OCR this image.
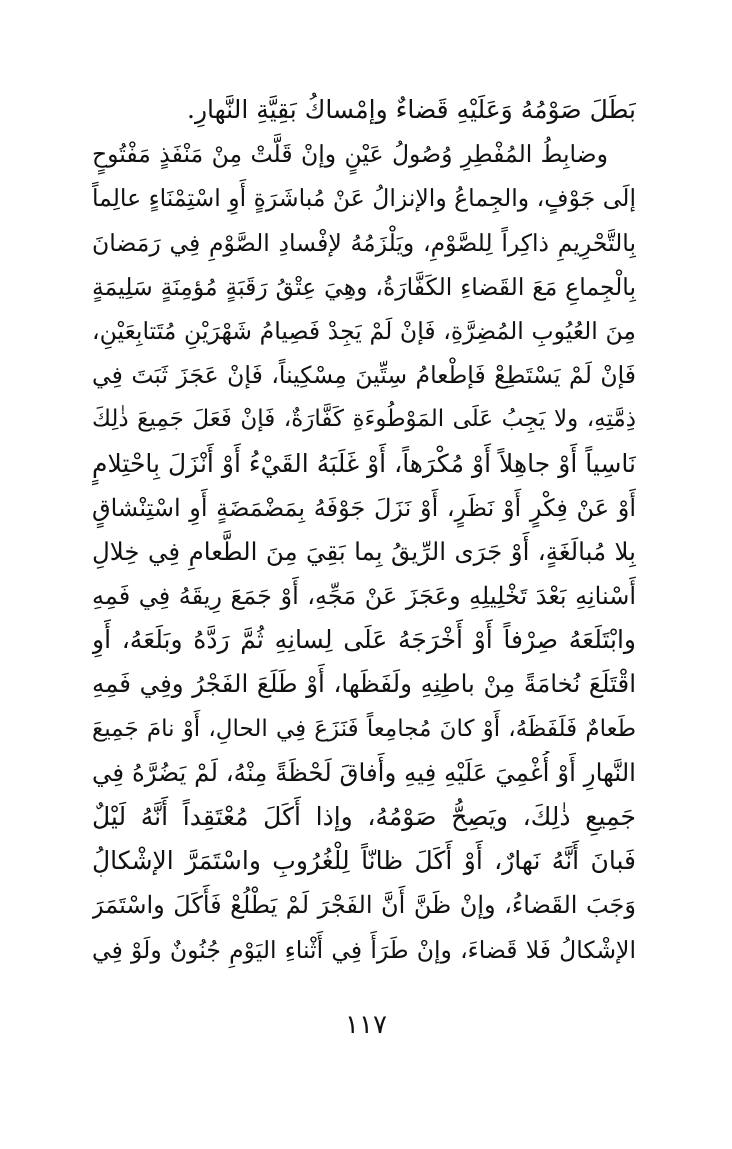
بَطَلَ صَوْمُهُ وَعَلَيْهِ قَضاءٌ وإمْساكُ بَقِيَّةِ النَّهارِ.
وضابِطُ المُفْطِرِ وُصُولُ عَيْنٍ وإنْ قَلَّتْ مِنْ مَنْفَذٍ مَفْتُوحٍ
إلَى جَوْفٍ، والجِماعُ والإنزالُ عَنْ مُباشَرَةٍ أَوِ اسْتِمْنَاءٍ عالِماً
بِالتَّحْرِيمِ ذاكِراً لِلصَّوْمِ، ويَلْزَمُهُ لإفْسادِ الصَّوْمِ فِي رَمَضانَ
بِالْجِماعِ مَعَ القَضاءِ الكَفَّارَةُ، وهِيَ عِتْقُ رَقَبَةٍ مُؤمِنَةٍ سَلِيمَةٍ
مِنَ العُيُوبِ المُضِرَّةِ، فَإنْ لَمْ يَجِدْ فَصِيامُ شَهْرَيْنِ مُتَتابِعَيْنِ،
فَإنْ لَمْ يَسْتَطِعْ فَإطْعامُ سِتِّينَ مِسْكِيناً، فَإنْ عَجَزَ ثَبَتَ فِي
ذِمَّتِهِ، ولا يَجِبُ عَلَى المَوْطُوءَةِ كَفَّارَةٌ، فَإنْ فَعَلَ جَمِيعَ ذٰلِكَ
نَاسِياً أَوْ جاهِلاً أَوْ مُكْرَهاً، أَوْ غَلَبَهُ القَيْءُ أَوْ أَنْزَلَ بِاحْتِلامٍ
أَوْ عَنْ فِكْرٍ أَوْ نَظَرٍ، أَوْ نَزَلَ جَوْفَهُ بِمَضْمَضَةٍ أَوِ اسْتِنْشاقٍ
بِلا مُبالَغَةٍ، أَوْ جَرَى الرِّيقُ بِما بَقِيَ مِنَ الطَّعامِ فِي خِلالِ
أَسْنانِهِ بَعْدَ تَخْلِيلِهِ وعَجَزَ عَنْ مَجِّهِ، أَوْ جَمَعَ رِيقَهُ فِي فَمِهِ
وابْتَلَعَهُ صِرْفاً أَوْ أَخْرَجَهُ عَلَى لِسانِهِ ثُمَّ رَدَّهُ وبَلَعَهُ، أَوِ
اقْتَلَعَ نُخامَةً مِنْ باطِنِهِ ولَفَظَها، أَوْ طَلَعَ الفَجْرُ وفِي فَمِهِ
طَعامٌ فَلَفَظَهُ، أَوْ كانَ مُجامِعاً فَنَزَعَ فِي الحالِ، أَوْ نامَ جَمِيعَ
النَّهارِ أَوْ أُغْمِيَ عَلَيْهِ فِيهِ وأَفاقَ لَحْظَةً مِنْهُ، لَمْ يَضُرَّهُ فِي
جَمِيعِ ذٰلِكَ، ويَصِحُّ صَوْمُهُ، وإذا أَكَلَ مُعْتَقِداً أَنَّهُ لَيْلٌ
فَبانَ أَنَّهُ نَهارٌ، أَوْ أَكَلَ ظانّاً لِلْغُرُوبِ واسْتَمَرَّ الإشْكالُ
وَجَبَ القَضاءُ، وإنْ ظَنَّ أَنَّ الفَجْرَ لَمْ يَطْلُعْ فَأَكَلَ واسْتَمَرَ
الإشْكالُ فَلا قَضاءَ، وإنْ طَرَأَ فِي أَثْناءِ اليَوْمِ جُنُونٌ ولَوْ فِي
١١٧
